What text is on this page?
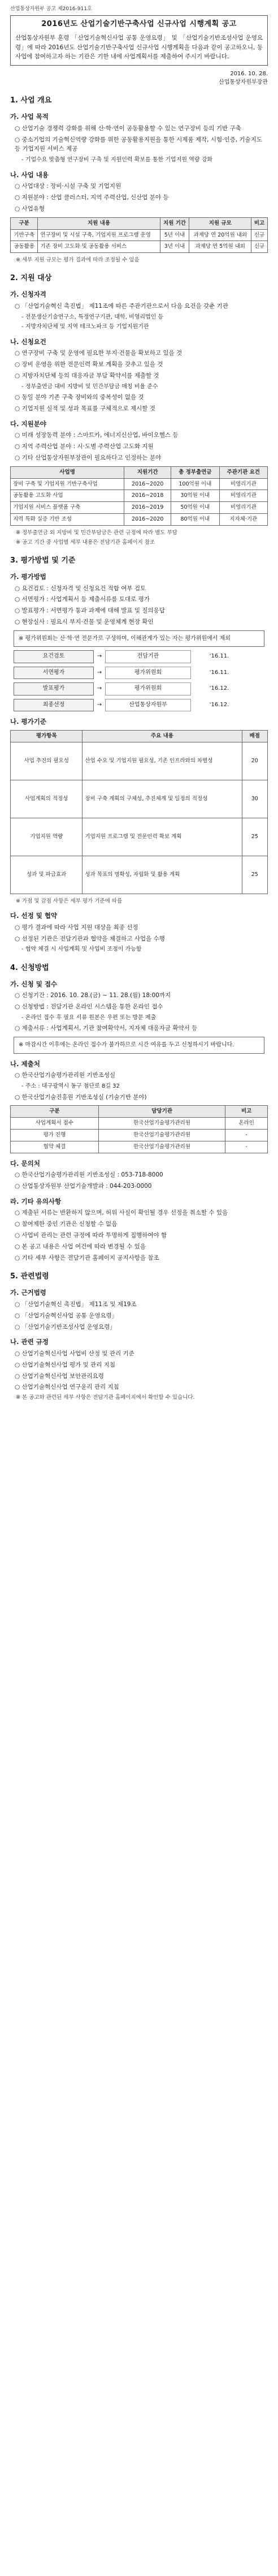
산업통상자원부 공고 제2016-911호
2016년도 산업기술기반구축사업 신규사업 시행계획 공고
산업통상자원부 훈령 「산업기술혁신사업 공통 운영요령」 및 「산업기술기반조성사업 운영요령」에 따라 2016년도 산업기술기반구축사업 신규사업 시행계획을 다음과 같이 공고하오니, 동 사업에 참여하고자 하는 기관은 기한 내에 사업계획서를 제출하여 주시기 바랍니다.
2016. 10. 28.
산업통상자원부장관
1. 사업 개요
가. 사업 목적
○ 산업기술 경쟁력 강화를 위해 산·학·연이 공동활용할 수 있는 연구장비 등의 기반 구축
○ 중소기업의 기술혁신역량 강화를 위한 공동활용지원을 통한 시제품 제작, 시험·인증, 기술지도 등 기업지원 서비스 제공
- 기업수요 맞춤형 연구장비 구축 및 지원인력 확보를 통한 기업지원 역량 강화
나. 사업 내용
○ 사업대상 : 장비·시설 구축 및 기업지원
○ 지원분야 : 산업 클러스터, 지역 주력산업, 신산업 분야 등
○ 사업유형
구분	지원 내용	지원 기간	지원 규모	비고
기반구축	연구장비 및 시설 구축, 기업지원 프로그램 운영	5년 이내	과제당 연 20억원 내외	신규
공동활용	기존 장비 고도화 및 공동활용 서비스	3년 이내	과제당 연 5억원 내외	신규
※ 세부 지원 규모는 평가 결과에 따라 조정될 수 있음
2. 지원 대상
가. 신청자격
○ 「산업기술혁신 촉진법」 제11조에 따른 주관기관으로서 다음 요건을 갖춘 기관
- 전문생산기술연구소, 특정연구기관, 대학, 비영리법인 등
- 지방자치단체 및 지역 테크노파크 등 기업지원기관
나. 신청요건
○ 연구장비 구축 및 운영에 필요한 부지·건물을 확보하고 있을 것
○ 장비 운영을 위한 전문인력 확보 계획을 갖추고 있을 것
○ 지방자치단체 등의 대응자금 부담 확약서를 제출할 것
- 정부출연금 대비 지방비 및 민간부담금 매칭 비율 준수
○ 동일 분야 기존 구축 장비와의 중복성이 없을 것
○ 기업지원 실적 및 성과 목표를 구체적으로 제시할 것
다. 지원분야
○ 미래 성장동력 분야 : 스마트카, 에너지신산업, 바이오헬스 등
○ 지역 주력산업 분야 : 시·도별 주력산업 고도화 지원
○ 기타 산업통상자원부장관이 필요하다고 인정하는 분야
사업명	지원기간	총 정부출연금	주관기관 요건
장비 구축 및 기업지원 기반구축사업	2016~2020	100억원 이내	비영리기관
공동활용 고도화 사업	2016~2018	30억원 이내	비영리기관
기업지원 서비스 플랫폼 구축	2016~2019	50억원 이내	비영리기관
지역 특화 실증 기반 조성	2016~2020	80억원 이내	지자체·기관
※ 정부출연금 외 지방비 및 민간부담금은 관련 규정에 따라 별도 부담
※ 공고 기간 중 사업별 세부 내용은 전담기관 홈페이지 참조
3. 평가방법 및 기준
가. 평가방법
○ 요건검토 : 신청자격 및 신청요건 적합 여부 검토
○ 서면평가 : 사업계획서 등 제출서류를 토대로 평가
○ 발표평가 : 서면평가 통과 과제에 대해 발표 및 질의응답
○ 현장실사 : 필요시 부지·건물 및 운영체계 현장 확인
※ 평가위원회는 산·학·연 전문가로 구성하며, 이해관계가 있는 자는 평가위원에서 제외
요건검토	→	전담기관	'16.11.
서면평가	→	평가위원회	'16.11.
발표평가	→	평가위원회	'16.12.
최종선정	→	산업통상자원부	'16.12.
나. 평가기준
평가항목	주요 내용	배점
사업 추진의 필요성	산업 수요 및 기업지원 필요성, 기존 인프라와의 차별성	20
사업계획의 적정성	장비 구축 계획의 구체성, 추진체계 및 일정의 적정성	30
기업지원 역량	기업지원 프로그램 및 전문인력 확보 계획	25
성과 및 파급효과	성과 목표의 명확성, 자립화 및 활용 계획	25
※ 가점 및 감점 사항은 세부 평가 기준에 따름
다. 선정 및 협약
○ 평가 결과에 따라 사업 지원 대상을 최종 선정
○ 선정된 기관은 전담기관과 협약을 체결하고 사업을 수행
- 협약 체결 시 사업계획 및 사업비 조정이 가능함
4. 신청방법
가. 신청 및 접수
○ 신청기간 : 2016. 10. 28.(금) ~ 11. 28.(월) 18:00까지
○ 신청방법 : 전담기관 온라인 시스템을 통한 온라인 접수
- 온라인 접수 후 필요 서류 원본은 우편 또는 방문 제출
○ 제출서류 : 사업계획서, 기관 참여확약서, 지자체 대응자금 확약서 등
※ 마감시간 이후에는 온라인 접수가 불가하므로 시간 여유를 두고 신청하시기 바랍니다.
나. 제출처
○ 한국산업기술평가관리원 기반조성실
- 주소 : 대구광역시 동구 첨단로 8길 32
○ 한국산업기술진흥원 기반조성실 (기술기반 분야)
구분	담당기관	비고
사업계획서 접수	한국산업기술평가관리원	온라인
평가 진행	한국산업기술평가관리원	-
협약 체결	한국산업기술평가관리원	-
다. 문의처
○ 한국산업기술평가관리원 기반조성실 : 053-718-8000
○ 산업통상자원부 산업기술개발과 : 044-203-0000
라. 기타 유의사항
○ 제출된 서류는 반환하지 않으며, 허위 사실이 확인될 경우 선정을 취소할 수 있음
○ 참여제한 중인 기관은 신청할 수 없음
○ 사업비 관리는 관련 규정에 따라 투명하게 집행하여야 함
○ 본 공고 내용은 사업 여건에 따라 변경될 수 있음
○ 기타 세부 사항은 전담기관 홈페이지 공지사항을 참조
5. 관련법령
가. 근거법령
○ 「산업기술혁신 촉진법」 제11조 및 제19조
○ 「산업기술혁신사업 공통 운영요령」
○ 「산업기술기반조성사업 운영요령」
나. 관련 규정
○ 산업기술혁신사업 사업비 산정 및 관리 기준
○ 산업기술혁신사업 평가 및 관리 지침
○ 산업기술혁신사업 보안관리요령
○ 산업기술혁신사업 연구윤리 관리 지침
※ 본 공고와 관련된 세부 사항은 전담기관 홈페이지에서 확인할 수 있습니다.
